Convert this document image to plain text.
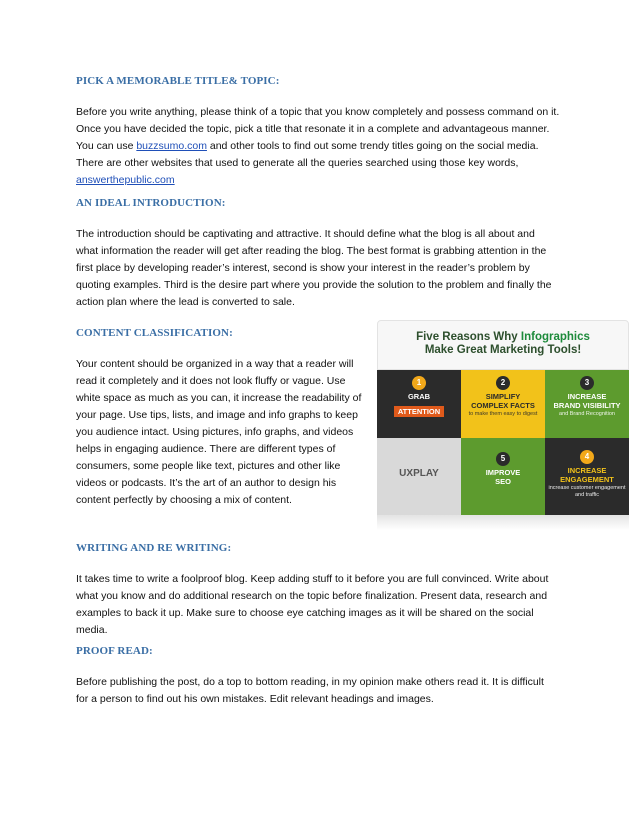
PICK A MEMORABLE TITLE& TOPIC:
Before you write anything, please think of a topic that you know completely and possess command on it.
Once you have decided the topic, pick a title that resonate it in a complete and advantageous manner.
You can use buzzsumo.com and other tools to find out some trendy titles going on the social media.
There are other websites that used to generate all the queries searched using those key words,
answerthepublic.com
AN IDEAL INTRODUCTION:
The introduction should be captivating and attractive. It should define what the blog is all about and
what information the reader will get after reading the blog. The best format is grabbing attention in the
first place by developing reader’s interest, second is show your interest in the reader’s problem by
quoting examples. Third is the desire part where you provide the solution to the problem and finally the
action plan where the lead is converted to sale.
CONTENT CLASSIFICATION:
Your content should be organized in a way that a reader will
read it completely and it does not look fluffy or vague. Use
white space as much as you can, it increase the readability of
your page. Use tips, lists, and image and info graphs to keep
you audience intact. Using pictures, info graphs, and videos
helps in engaging audience. There are different types of
consumers, some people like text, pictures and other like
videos or podcasts. It’s the art of an author to design his
content perfectly by choosing a mix of content.
Five Reasons Why Infographics
Make Great Marketing Tools!
1
GRAB
ATTENTION
2
SIMPLIFY
COMPLEX FACTS
to make them easy to digest
3
INCREASE
BRAND VISIBILITY
and Brand Recognition
UXPLAY
5
IMPROVE
SEO
4
INCREASE
ENGAGEMENT
increase customer engagement and traffic
WRITING AND RE WRITING:
It takes time to write a foolproof blog. Keep adding stuff to it before you are full convinced. Write about
what you know and do additional research on the topic before finalization. Present data, research and
examples to back it up. Make sure to choose eye catching images as it will be shared on the social
media.
PROOF READ:
Before publishing the post, do a top to bottom reading, in my opinion make others read it. It is difficult
for a person to find out his own mistakes. Edit relevant headings and images.
